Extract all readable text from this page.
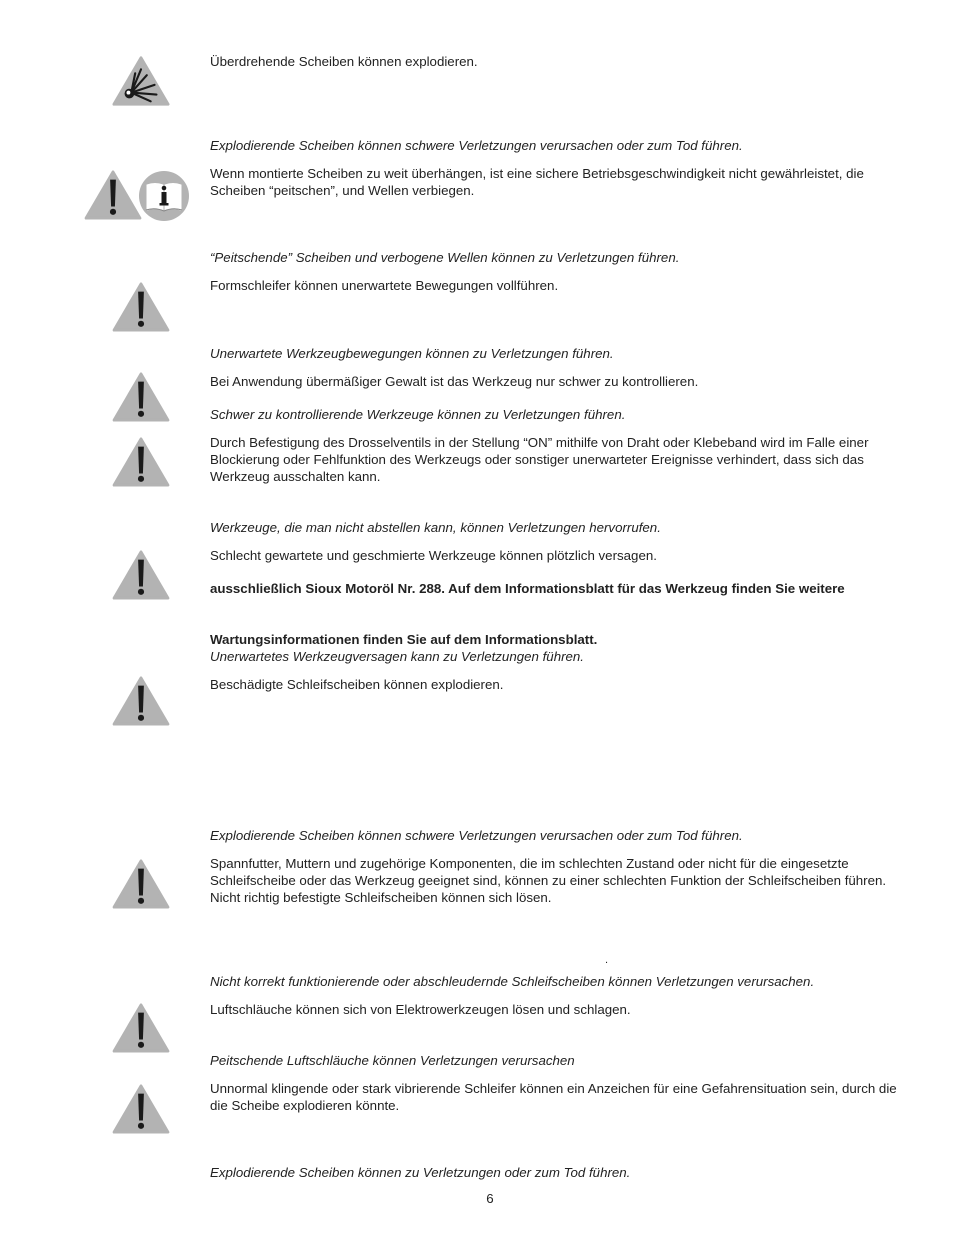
Überdrehende Scheiben können explodieren.

Explodierende Scheiben können schwere Verletzungen verursachen oder zum Tod führen.

Wenn montierte Scheiben zu weit überhängen, ist eine sichere Betriebsgeschwindigkeit nicht gewährleistet, die Scheiben “peitschen”, und Wellen verbiegen.

“Peitschende” Scheiben und verbogene Wellen können zu Verletzungen führen.

Formschleifer können unerwartete Bewegungen vollführen.

Unerwartete Werkzeugbewegungen können zu Verletzungen führen.

Bei Anwendung übermäßiger Gewalt ist das Werkzeug nur schwer zu kontrollieren.

Schwer zu kontrollierende Werkzeuge können zu Verletzungen führen.

Durch Befestigung des Drosselventils in der Stellung “ON” mithilfe von Draht oder Klebeband wird im Falle einer Blockierung oder Fehlfunktion des Werkzeugs oder sonstiger unerwarteter Ereignisse verhindert, dass sich das Werkzeug ausschalten kann.

Werkzeuge, die man nicht abstellen kann, können Verletzungen hervorrufen.

Schlecht gewartete und geschmierte Werkzeuge können plötzlich versagen.

ausschließlich Sioux Motoröl Nr. 288. Auf dem Informationsblatt für das Werkzeug finden Sie weitere

Wartungsinformationen finden Sie auf dem Informationsblatt.

Unerwartetes Werkzeugversagen kann zu Verletzungen führen.

Beschädigte Schleifscheiben können explodieren.

Explodierende Scheiben können schwere Verletzungen verursachen oder zum Tod führen.

Spannfutter, Muttern und zugehörige Komponenten, die im schlechten Zustand oder nicht für die eingesetzte Schleifscheibe oder das Werkzeug geeignet sind, können zu einer schlechten Funktion der Schleifscheiben führen. Nicht richtig befestigte Schleifscheiben können sich lösen.

.

Nicht korrekt funktionierende oder abschleudernde Schleifscheiben können Verletzungen verursachen.

Luftschläuche können sich von Elektrowerkzeugen lösen und schlagen.

Peitschende Luftschläuche können Verletzungen verursachen

Unnormal klingende oder stark vibrierende Schleifer können ein Anzeichen für eine Gefahrensituation sein, durch die die Scheibe explodieren könnte.

Explodierende Scheiben können zu Verletzungen oder zum Tod führen.

6
